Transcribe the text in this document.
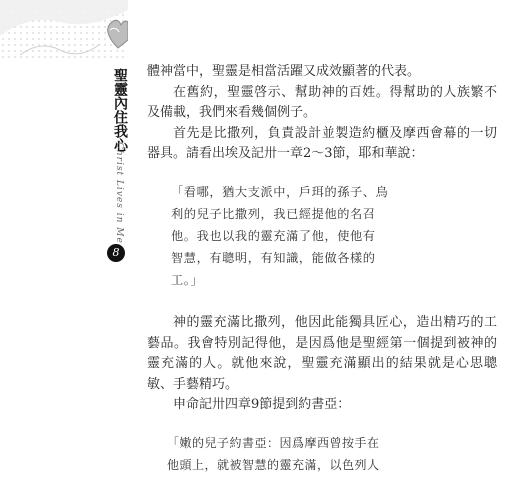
聖靈內住我心
Christ Lives in Me
8

體神當中，聖靈是相當活躍又成效顯著的代表。

在舊約，聖靈啓示、幫助神的百姓。得幫助的人族繁不及備載，我們來看幾個例子。

首先是比撒列，負責設計並製造約櫃及摩西會幕的一切器具。請看出埃及記卅一章2～3節，耶和華說：

「看哪，猶大支派中，戶珥的孫子、烏

利的兒子比撒列，我已經提他的名召

他。我也以我的靈充滿了他，使他有

智慧，有聰明，有知識，能做各樣的

工。」

神的靈充滿比撒列，他因此能獨具匠心，造出精巧的工藝品。我會特別記得他，是因爲他是聖經第一個提到被神的靈充滿的人。就他來說，聖靈充滿顯出的結果就是心思聰敏、手藝精巧。

申命記卅四章9節提到約書亞：

「嫩的兒子約書亞：因爲摩西曾按手在

他頭上，就被智慧的靈充滿，以色列人
